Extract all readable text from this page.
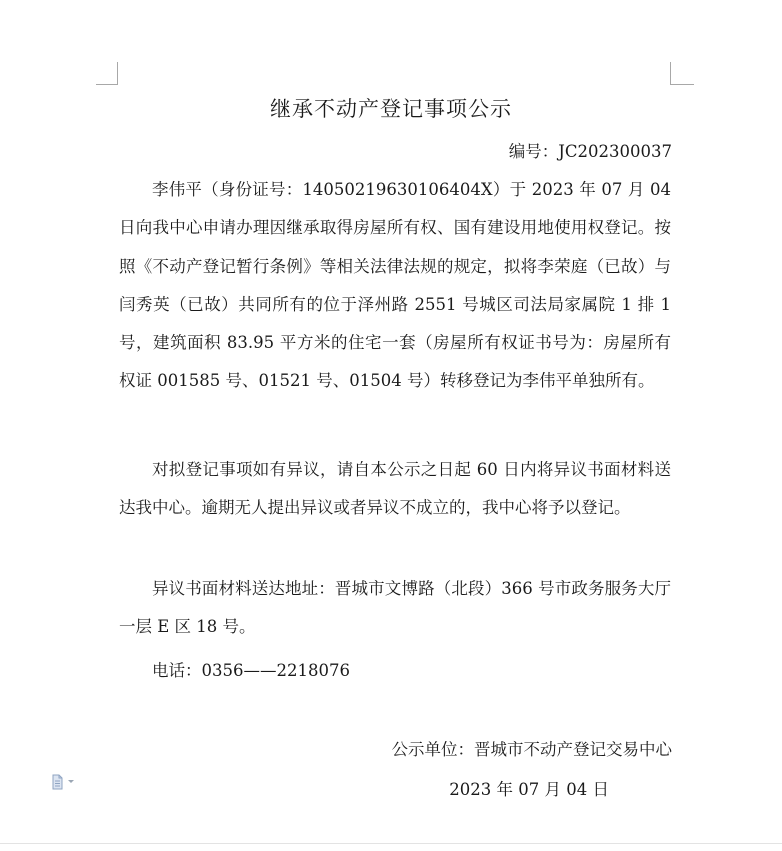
继承不动产登记事项公示
编号：JC202300037
李伟平（身份证号：14050219630106404X）于 2023 年 07 月 04 日向我中心申请办理因继承取得房屋所有权、国有建设用地使用权登记。按照《不动产登记暂行条例》等相关法律法规的规定，拟将李荣庭（已故）与闫秀英（已故）共同所有的位于泽州路 2551 号城区司法局家属院 1 排 1 号，建筑面积 83.95 平方米的住宅一套（房屋所有权证书号为：房屋所有权证 001585 号、01521 号、01504 号）转移登记为李伟平单独所有。
对拟登记事项如有异议，请自本公示之日起 60 日内将异议书面材料送达我中心。逾期无人提出异议或者异议不成立的，我中心将予以登记。
异议书面材料送达地址：晋城市文博路（北段）366 号市政务服务大厅一层 E 区 18 号。
电话：0356——2218076
公示单位：晋城市不动产登记交易中心
2023 年 07 月 04 日
